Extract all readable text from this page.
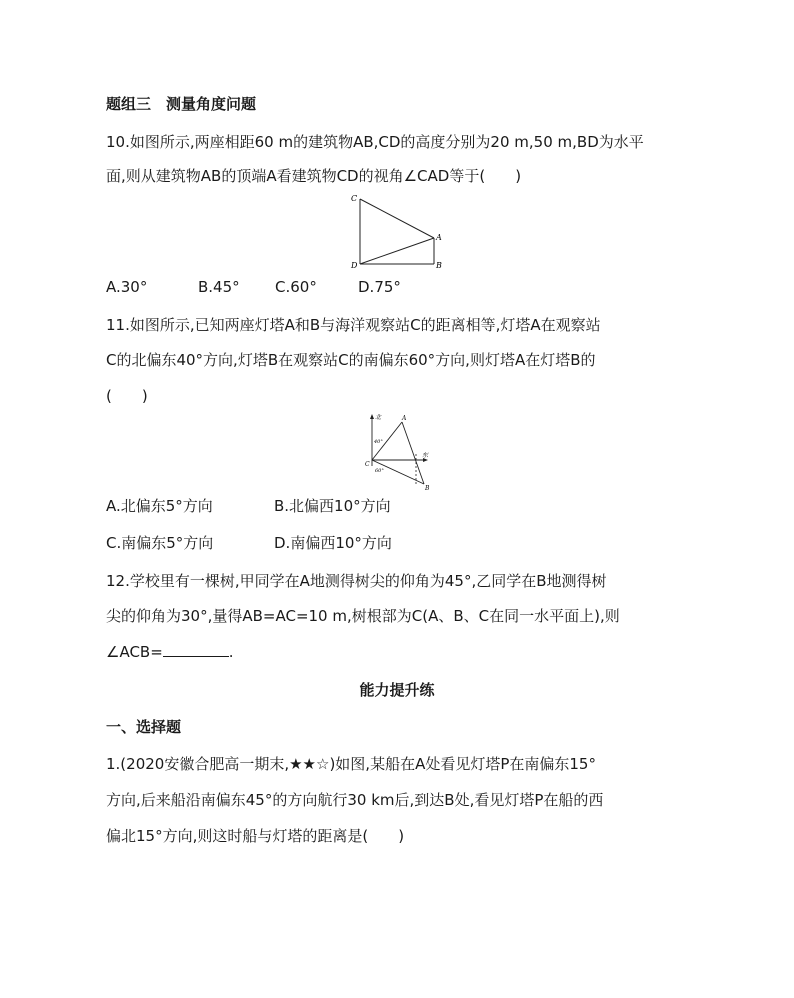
题组三　测量角度问题
10.如图所示,两座相距60 m的建筑物AB,CD的高度分别为20 m,50 m,BD为水平
面,则从建筑物AB的顶端A看建筑物CD的视角∠CAD等于(　　)
C
D
A
B
A.30°	B.45° C.60°	D.75°
11.如图所示,已知两座灯塔A和B与海洋观察站C的距离相等,灯塔A在观察站
C的北偏东40°方向,灯塔B在观察站C的南偏东60°方向,则灯塔A在灯塔B的
(　　)
北
东
A
B
C
40°
60°
A.北偏东5°方向	B.北偏西10°方向
C.南偏东5°方向	D.南偏西10°方向
12.学校里有一棵树,甲同学在A地测得树尖的仰角为45°,乙同学在B地测得树
尖的仰角为30°,量得AB=AC=10 m,树根部为C(A、B、C在同一水平面上),则
∠ACB=	.
能力提升练
一、选择题
1.(2020安徽合肥高一期末,★★☆)如图,某船在A处看见灯塔P在南偏东15°
方向,后来船沿南偏东45°的方向航行30 km后,到达B处,看见灯塔P在船的西
偏北15°方向,则这时船与灯塔的距离是(　　)
